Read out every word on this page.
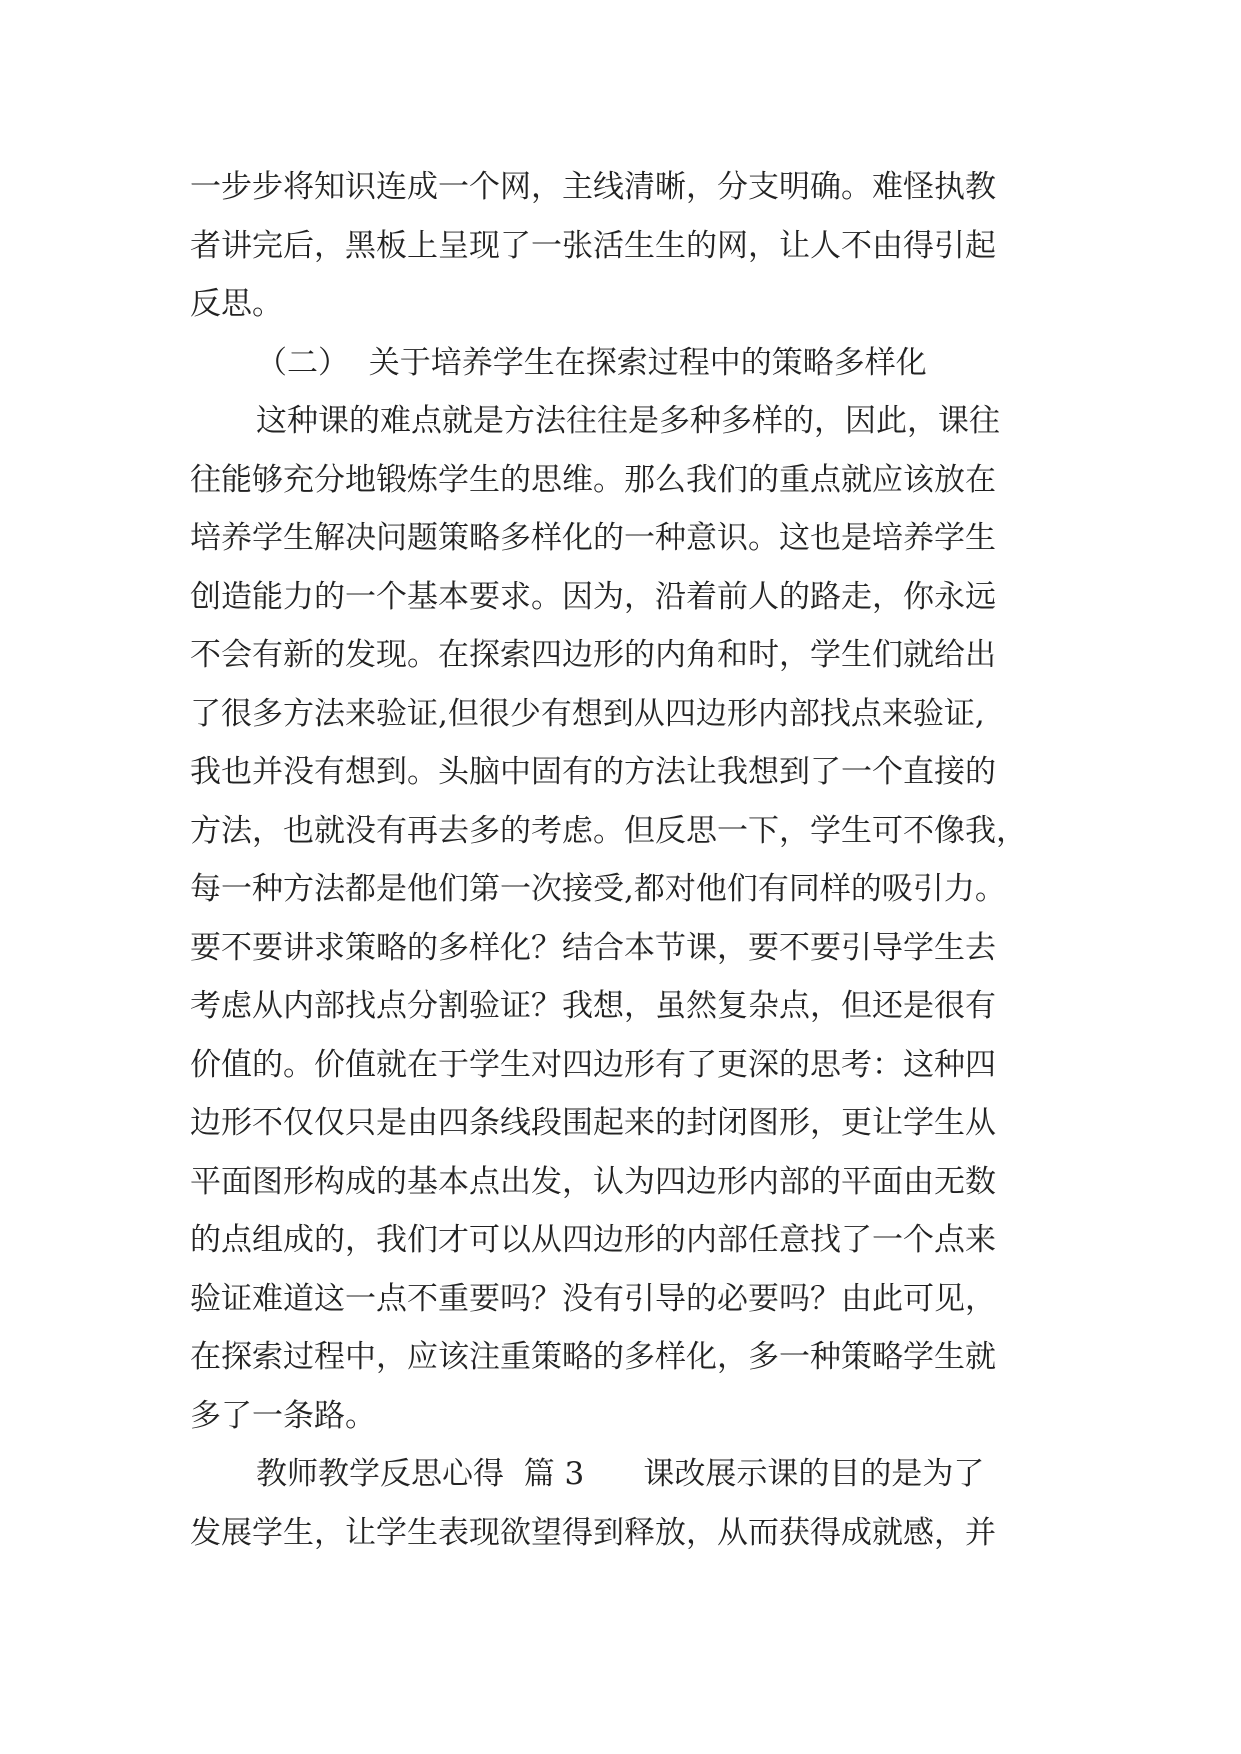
一步步将知识连成一个网，主线清晰，分支明确。难怪执教
者讲完后，黑板上呈现了一张活生生的网，让人不由得引起
反思。
（二）  关于培养学生在探索过程中的策略多样化
这种课的难点就是方法往往是多种多样的，因此，课往
往能够充分地锻炼学生的思维。那么我们的重点就应该放在
培养学生解决问题策略多样化的一种意识。这也是培养学生
创造能力的一个基本要求。因为，沿着前人的路走，你永远
不会有新的发现。在探索四边形的内角和时，学生们就给出
了很多方法来验证,但很少有想到从四边形内部找点来验证,
我也并没有想到。头脑中固有的方法让我想到了一个直接的
方法，也就没有再去多的考虑。但反思一下，学生可不像我，
每一种方法都是他们第一次接受,都对他们有同样的吸引力。
要不要讲求策略的多样化？结合本节课，要不要引导学生去
考虑从内部找点分割验证？我想，虽然复杂点，但还是很有
价值的。价值就在于学生对四边形有了更深的思考：这种四
边形不仅仅只是由四条线段围起来的封闭图形，更让学生从
平面图形构成的基本点出发，认为四边形内部的平面由无数
的点组成的，我们才可以从四边形的内部任意找了一个点来
验证难道这一点不重要吗？没有引导的必要吗？由此可见，
在探索过程中，应该注重策略的多样化，多一种策略学生就
多了一条路。
教师教学反思心得  篇 3      课改展示课的目的是为了
发展学生，让学生表现欲望得到释放，从而获得成就感，并
